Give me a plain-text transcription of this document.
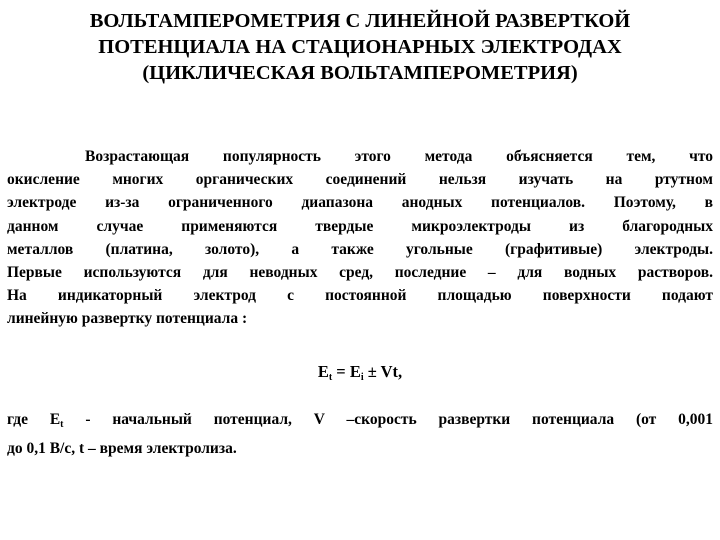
ВОЛЬТАМПЕРОМЕТРИЯ С ЛИНЕЙНОЙ РАЗВЕРТКОЙ
ПОТЕНЦИАЛА НА СТАЦИОНАРНЫХ ЭЛЕКТРОДАХ
(ЦИКЛИЧЕСКАЯ ВОЛЬТАМПЕРОМЕТРИЯ)
Возрастающая популярность этого метода объясняется тем, что
окисление многих органических соединений нельзя изучать на ртутном
электроде из-за ограниченного диапазона анодных потенциалов. Поэтому, в
данном случае применяются твердые микроэлектроды из благородных
металлов (платина, золото), а также угольные (графитивые) электроды.
Первые используются для неводных сред, последние – для водных растворов.
На индикаторный электрод с постоянной площадью поверхности подают
линейную развертку потенциала :
$E_t = E_i \pm Vt$,
где $E_t$ - начальный потенциал, V –скорость развертки потенциала (от 0,001
до 0,1 В/с, t – время электролиза.
